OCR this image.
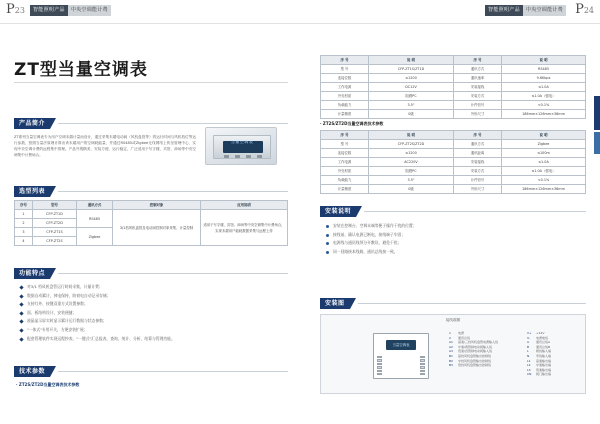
P23	智能照明产品	中央空调能计费	智能照明产品	中央空调能计费 P24
ZT型当量空调表
产品简介
ZT系列当量空调表专为用户空调末端计量而设计，通过采集末端电动阀（风机盘管等）的运行时间与风机档位等运行参数，按照当量法原理计算出该末端用户的空调耗能量，并通过RS485或Zigbee无线网络上传至管理中心，实现中央空调计费的远程集中管理。产品外观精美、安装方便、运行稳定，广泛适用于写字楼、宾馆、商场等中央空调集中计费场合。
当量空调表
选型列表
序号	型号	通讯方式	控制对象	应用说明
1	CFP-ZT1D	RS485	3/1档风机盘管及电动阀控制对象采集、计量控制	适用于写字楼、宾馆、商场等中央空调集中计费场合，实现末端用户能耗数据采集与远程上传
2	CFP-ZT2D			
3	CFP-ZT1S	Zigbee		
4	CFP-ZT2S			
功能特点
对3/1 档风机盘管运行时间采集，计量计费；
数据自动累计，掉电保持，防窃电自动记录存储；
支持红外、按键双重方式设置参数；
面、板结构设计，安装便捷；
液晶显示屏实时显示累计运行数据与状态参数；
"一体式"专用开关，方便安装扩展；
配套管理软件实现远程抄表、"一键式"汇总报表、查询、统计、分析、结算与管理功能。
技术参数
· ZT2S/ZT2D当量空调表技术参数
序 号	说 明	序 号	说 明
型 号	CFP-ZT1S/ZT1D	通讯方式	RS485
连接位数	≤1200	通讯速率	9.6Kbps
工作电源	DC12V	安装接线	≤1.0A
外壳材质	阻燃PC	安装方式	≤1.0A（强电）
负载能力	3.5"	计件信号	<0.1%
计量精度	0级	外形尺寸	186mm×126mm×36mm
· ZT2S/ZT2D当量空调表技术参数
序 号	说 明	序 号	说 明
型 号	CFP-ZT2S/ZT2D	通讯方式	Zigbee
连接位数	≤1200	通讯距离	≤100m
工作电源	AC220V	安装接线	≤1.0A
外壳材质	阻燃PC	安装方式	≤1.0A（强电）
负载能力	3.5"	计件信号	<0.1%
计量精度	0级	外形尺寸	186mm×126mm×36mm
安装说明
安装在控制台、空调末端等便于操作干扰的位置；
接线前，确认电源已断电，接线端子牢固；
电源线与通讯线须分开敷设，避免干扰；
同一回路接本线路，通讯总线接一致。
安装图
接线端图
当量空调表
1	电源
2	通讯总线
A1	高速/三档风机盘管电源输入线
A2	中速/两管制电动阀输入线
A3	低速/四管制电动阀输入线
B1	高档风机盘管输出控制线
B2	中档风机盘管输出控制线
B3	低档风机盘管输出控制线
V+	+12V
V-	电源地线
A	通讯总线A
B	通讯总线B
L	相线输入端
N	零线输入端
L1	高速输出端
L2	中速输出端
L3	低速输出端
CN	阀门输出端
